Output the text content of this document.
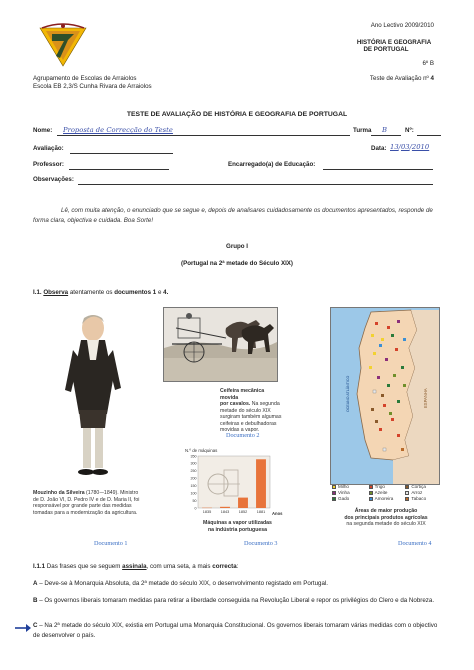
Agrupamento de Escolas de Arraiolos
Escola EB 2,3/S Cunha Rivara de Arraiolos
Ano Lectivo 2009/2010
HISTÓRIA E GEOGRAFIA
DE PORTUGAL
6º B
Teste de Avaliação nº 4
TESTE DE AVALIAÇÃO DE HISTÓRIA E GEOGRAFIA DE PORTUGAL
Nome: Proposta de Correcção do Teste	Turma B	Nº:
Avaliação:	Data: 13/03/2010
Professor:	Encarregado(a) de Educação:
Observações:
Lê, com muita atenção, o enunciado que se segue e, depois de analisares cuidadosamente os documentos apresentados, responde de forma clara, objectiva e cuidada. Boa Sorte!
Grupo I
(Portugal na 2ª metade do Século XIX)
I.1. Observa atentamente os documentos 1 e 4.
Mouzinho da Silveira (1780-–1849). Ministro de D. João VI, D. Pedro IV e de D. Maria II, foi responsável por grande parte das medidas tomadas para a modernização da agricultura.
Documento 1
Ceifeira mecânica movida
por cavalos. Na segunda metade do século XIX surgiram também algumas ceifeiras e debulhadoras movidas a vapor.
Documento 2
N.º de máquinas
0
50
100
150
200
250
300
350
1835	1843	1852	1881 Anos
Máquinas a vapor utilizadas
na indústria portuguesa
Documento 3
ESPANHA
OCEANO ATLÂNTICO
Milho	Trigo	Cortiça
Vinha	Azeite	Arroz
Gado	Amoreira	Tabaco
Áreas de maior produção
dos principais produtos agrícolas
na segunda metade do século XIX
Documento 4
I.1.1 Das frases que se seguem assinala, com uma seta, a mais correcta:
A – Deve-se à Monarquia Absoluta, da 2ª metade do século XIX, o desenvolvimento registado em Portugal.
B – Os governos liberais tomaram medidas para retirar a liberdade conseguida na Revolução Liberal e repor os privilégios do Clero e da Nobreza.
C – Na 2ª metade do século XIX, existia em Portugal uma Monarquia Constitucional. Os governos liberais tomaram várias medidas com o objectivo de desenvolver o país.
